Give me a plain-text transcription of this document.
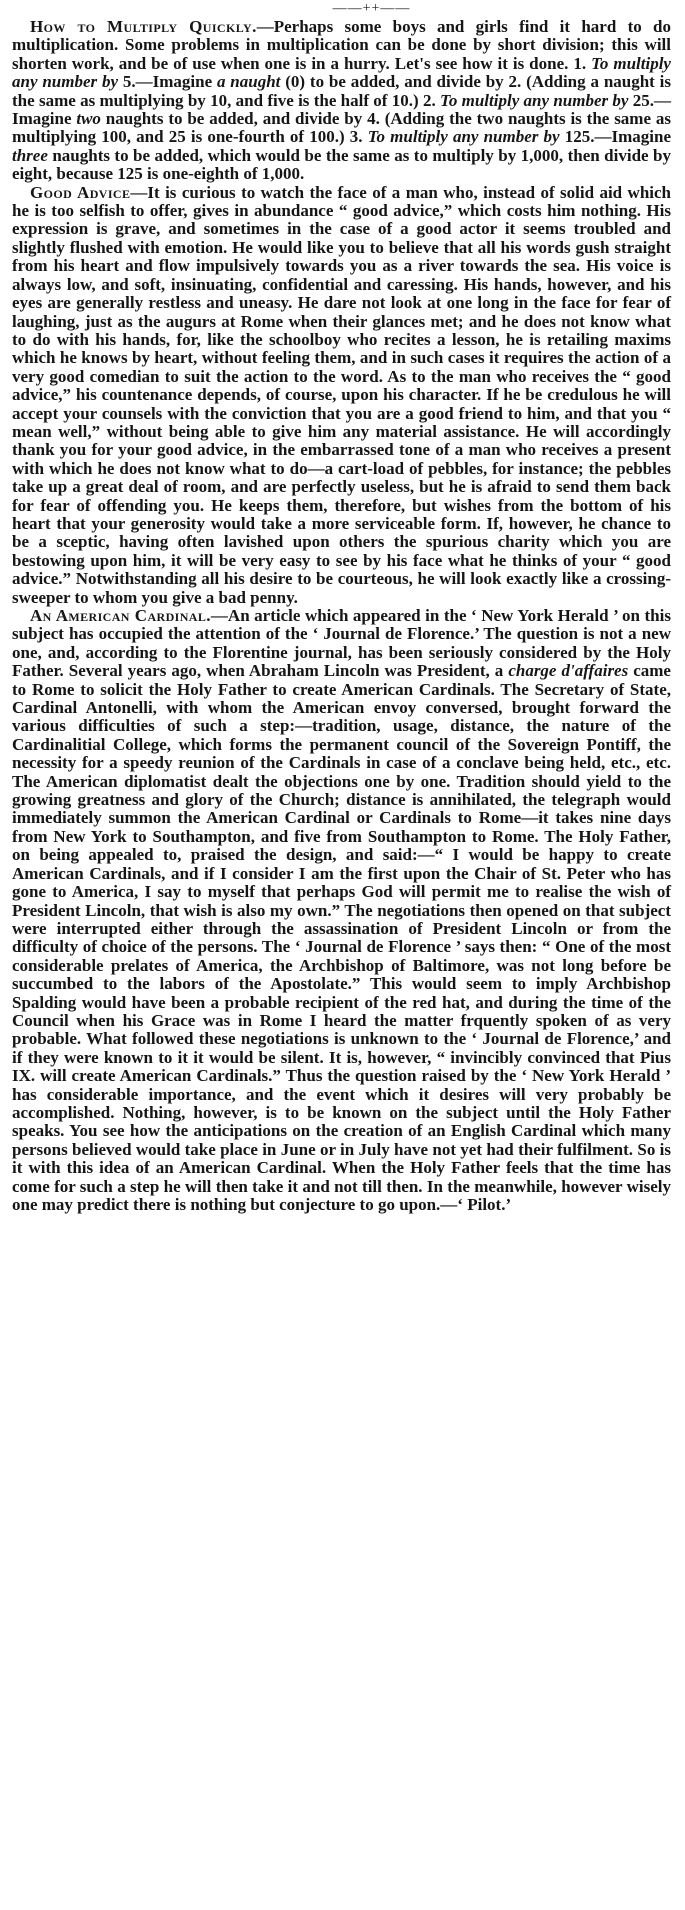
——++——

How to Multiply Quickly.—Perhaps some boys and girls find it hard to do multiplication. Some problems in multiplication can be done by short division; this will shorten work, and be of use when one is in a hurry. Let's see how it is done. 1. To multiply any number by 5.—Imagine a naught (0) to be added, and divide by 2. (Adding a naught is the same as multiplying by 10, and five is the half of 10.) 2. To multiply any number by 25.—Imagine two naughts to be added, and divide by 4. (Adding the two naughts is the same as multiplying 100, and 25 is one-fourth of 100.) 3. To multiply any number by 125.—Imagine three naughts to be added, which would be the same as to multiply by 1,000, then divide by eight, because 125 is one-eighth of 1,000.

Good Advice—It is curious to watch the face of a man who, instead of solid aid which he is too selfish to offer, gives in abundance “ good advice,” which costs him nothing. His expression is grave, and sometimes in the case of a good actor it seems troubled and slightly flushed with emotion. He would like you to believe that all his words gush straight from his heart and flow impulsively towards you as a river towards the sea. His voice is always low, and soft, insinuating, confidential and caressing. His hands, however, and his eyes are generally restless and uneasy. He dare not look at one long in the face for fear of laughing, just as the augurs at Rome when their glances met; and he does not know what to do with his hands, for, like the schoolboy who recites a lesson, he is retailing maxims which he knows by heart, without feeling them, and in such cases it requires the action of a very good comedian to suit the action to the word. As to the man who receives the “ good advice,” his countenance depends, of course, upon his character. If he be credulous he will accept your counsels with the conviction that you are a good friend to him, and that you “ mean well,” without being able to give him any material assistance. He will accordingly thank you for your good advice, in the embarrassed tone of a man who receives a present with which he does not know what to do—a cart-load of pebbles, for instance; the pebbles take up a great deal of room, and are perfectly useless, but he is afraid to send them back for fear of offending you. He keeps them, therefore, but wishes from the bottom of his heart that your generosity would take a more serviceable form. If, however, he chance to be a sceptic, having often lavished upon others the spurious charity which you are bestowing upon him, it will be very easy to see by his face what he thinks of your “ good advice.” Notwithstanding all his desire to be courteous, he will look exactly like a crossing-sweeper to whom you give a bad penny.

An American Cardinal.—An article which appeared in the ‘ New York Herald ’ on this subject has occupied the attention of the ‘ Journal de Florence.’ The question is not a new one, and, according to the Florentine journal, has been seriously considered by the Holy Father. Several years ago, when Abraham Lincoln was President, a charge d'affaires came to Rome to solicit the Holy Father to create American Cardinals. The Secretary of State, Cardinal Antonelli, with whom the American envoy conversed, brought forward the various difficulties of such a step:—tradition, usage, distance, the nature of the Cardinalitial College, which forms the permanent council of the Sovereign Pontiff, the necessity for a speedy reunion of the Cardinals in case of a conclave being held, etc., etc. The American diplomatist dealt the objections one by one. Tradition should yield to the growing greatness and glory of the Church; distance is annihilated, the telegraph would immediately summon the American Cardinal or Cardinals to Rome—it takes nine days from New York to Southampton, and five from Southampton to Rome. The Holy Father, on being appealed to, praised the design, and said:—“ I would be happy to create American Cardinals, and if I consider I am the first upon the Chair of St. Peter who has gone to America, I say to myself that perhaps God will permit me to realise the wish of President Lincoln, that wish is also my own.” The negotiations then opened on that subject were interrupted either through the assassination of President Lincoln or from the difficulty of choice of the persons. The ‘ Journal de Florence ’ says then: “ One of the most considerable prelates of America, the Archbishop of Baltimore, was not long before be succumbed to the labors of the Apostolate.” This would seem to imply Archbishop Spalding would have been a probable recipient of the red hat, and during the time of the Council when his Grace was in Rome I heard the matter frquently spoken of as very probable. What followed these negotiations is unknown to the ‘ Journal de Florence,’ and if they were known to it it would be silent. It is, however, “ invincibly convinced that Pius IX. will create American Cardinals.” Thus the question raised by the ‘ New York Herald ’ has considerable importance, and the event which it desires will very probably be accomplished. Nothing, however, is to be known on the subject until the Holy Father speaks. You see how the anticipations on the creation of an English Cardinal which many persons believed would take place in June or in July have not yet had their fulfilment. So is it with this idea of an American Cardinal. When the Holy Father feels that the time has come for such a step he will then take it and not till then. In the meanwhile, however wisely one may predict there is nothing but conjecture to go upon.—‘ Pilot.’
